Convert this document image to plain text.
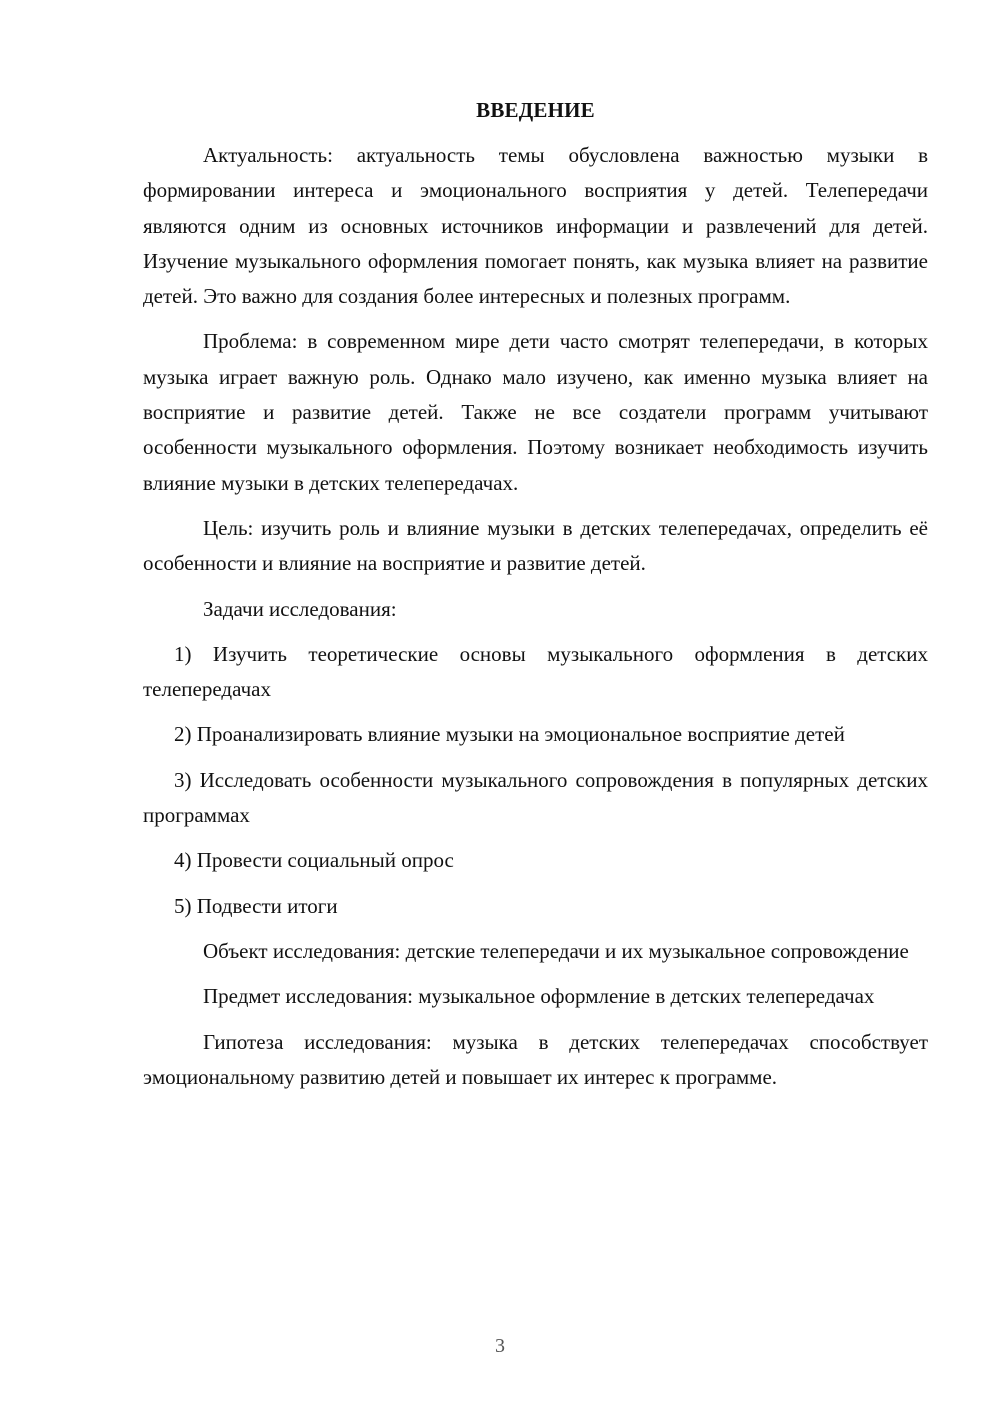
ВВЕДЕНИЕ

Актуальность: актуальность темы обусловлена важностью музыки в формировании интереса и эмоционального восприятия у детей. Телепередачи являются одним из основных источников информации и развлечений для детей. Изучение музыкального оформления помогает понять, как музыка влияет на развитие детей. Это важно для создания более интересных и полезных программ.

Проблема: в современном мире дети часто смотрят телепередачи, в которых музыка играет важную роль. Однако мало изучено, как именно музыка влияет на восприятие и развитие детей. Также не все создатели программ учитывают особенности музыкального оформления. Поэтому возникает необходимость изучить влияние музыки в детских телепередачах.

Цель: изучить роль и влияние музыки в детских телепередачах, определить её особенности и влияние на восприятие и развитие детей.

Задачи исследования:

1) Изучить теоретические основы музыкального оформления в детских телепередачах

2) Проанализировать влияние музыки на эмоциональное восприятие детей

3) Исследовать особенности музыкального сопровождения в популярных детских программах

4) Провести социальный опрос

5) Подвести итоги

Объект исследования: детские телепередачи и их музыкальное сопровождение

Предмет исследования: музыкальное оформление в детских телепередачах

Гипотеза исследования: музыка в детских телепередачах способствует эмоциональному развитию детей и повышает их интерес к программе.

3
